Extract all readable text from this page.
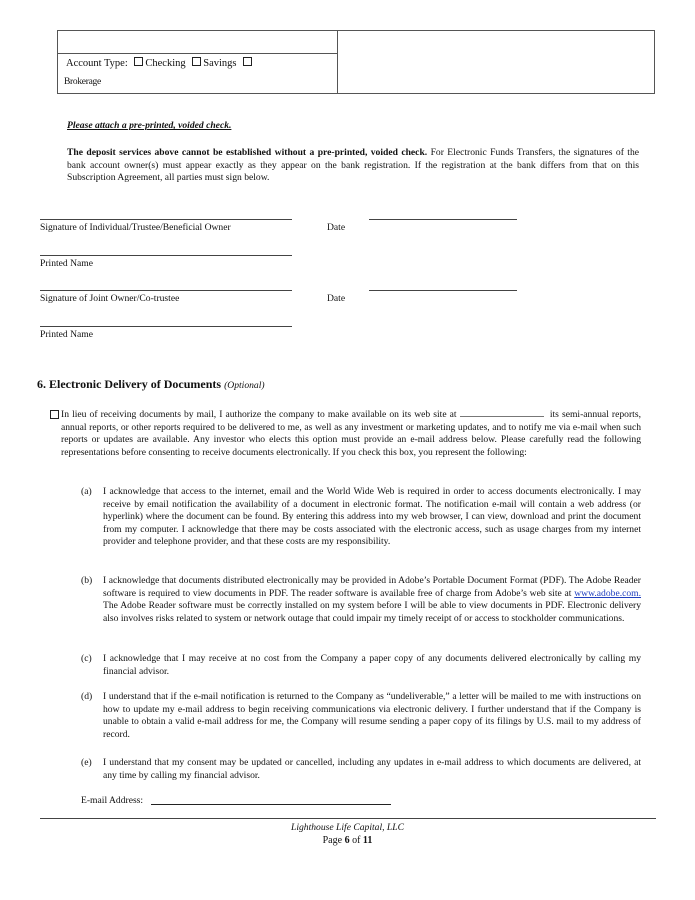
Account Type: Checking Savings
Brokerage
Please attach a pre-printed, voided check.
The deposit services above cannot be established without a pre-printed, voided check. For Electronic Funds Transfers, the signatures of the bank account owner(s) must appear exactly as they appear on the bank registration. If the registration at the bank differs from that on this Subscription Agreement, all parties must sign below.
Signature of Individual/Trustee/Beneficial Owner	Date
Printed Name
Signature of Joint Owner/Co-trustee	Date
Printed Name
6. Electronic Delivery of Documents (Optional)
In lieu of receiving documents by mail, I authorize the company to make available on its web site at	its semi-annual reports, annual reports, or other reports required to be delivered to me, as well as any investment or marketing updates, and to notify me via e-mail when such reports or updates are available. Any investor who elects this option must provide an e-mail address below. Please carefully read the following representations before consenting to receive documents electronically. If you check this box, you represent the following:
(a) I acknowledge that access to the internet, email and the World Wide Web is required in order to access documents electronically. I may receive by email notification the availability of a document in electronic format. The notification e-mail will contain a web address (or hyperlink) where the document can be found. By entering this address into my web browser, I can view, download and print the document from my computer. I acknowledge that there may be costs associated with the electronic access, such as usage charges from my internet provider and telephone provider, and that these costs are my responsibility.
(b) I acknowledge that documents distributed electronically may be provided in Adobe’s Portable Document Format (PDF). The Adobe Reader software is required to view documents in PDF. The reader software is available free of charge from Adobe’s web site at www.adobe.com. The Adobe Reader software must be correctly installed on my system before I will be able to view documents in PDF. Electronic delivery also involves risks related to system or network outage that could impair my timely receipt of or access to stockholder communications.
(c) I acknowledge that I may receive at no cost from the Company a paper copy of any documents delivered electronically by calling my financial advisor.
(d) I understand that if the e-mail notification is returned to the Company as “undeliverable,” a letter will be mailed to me with instructions on how to update my e-mail address to begin receiving communications via electronic delivery. I further understand that if the Company is unable to obtain a valid e-mail address for me, the Company will resume sending a paper copy of its filings by U.S. mail to my address of record.
(e) I understand that my consent may be updated or cancelled, including any updates in e-mail address to which documents are delivered, at any time by calling my financial advisor.
E-mail Address:
Lighthouse Life Capital, LLC
Page 6 of 11
